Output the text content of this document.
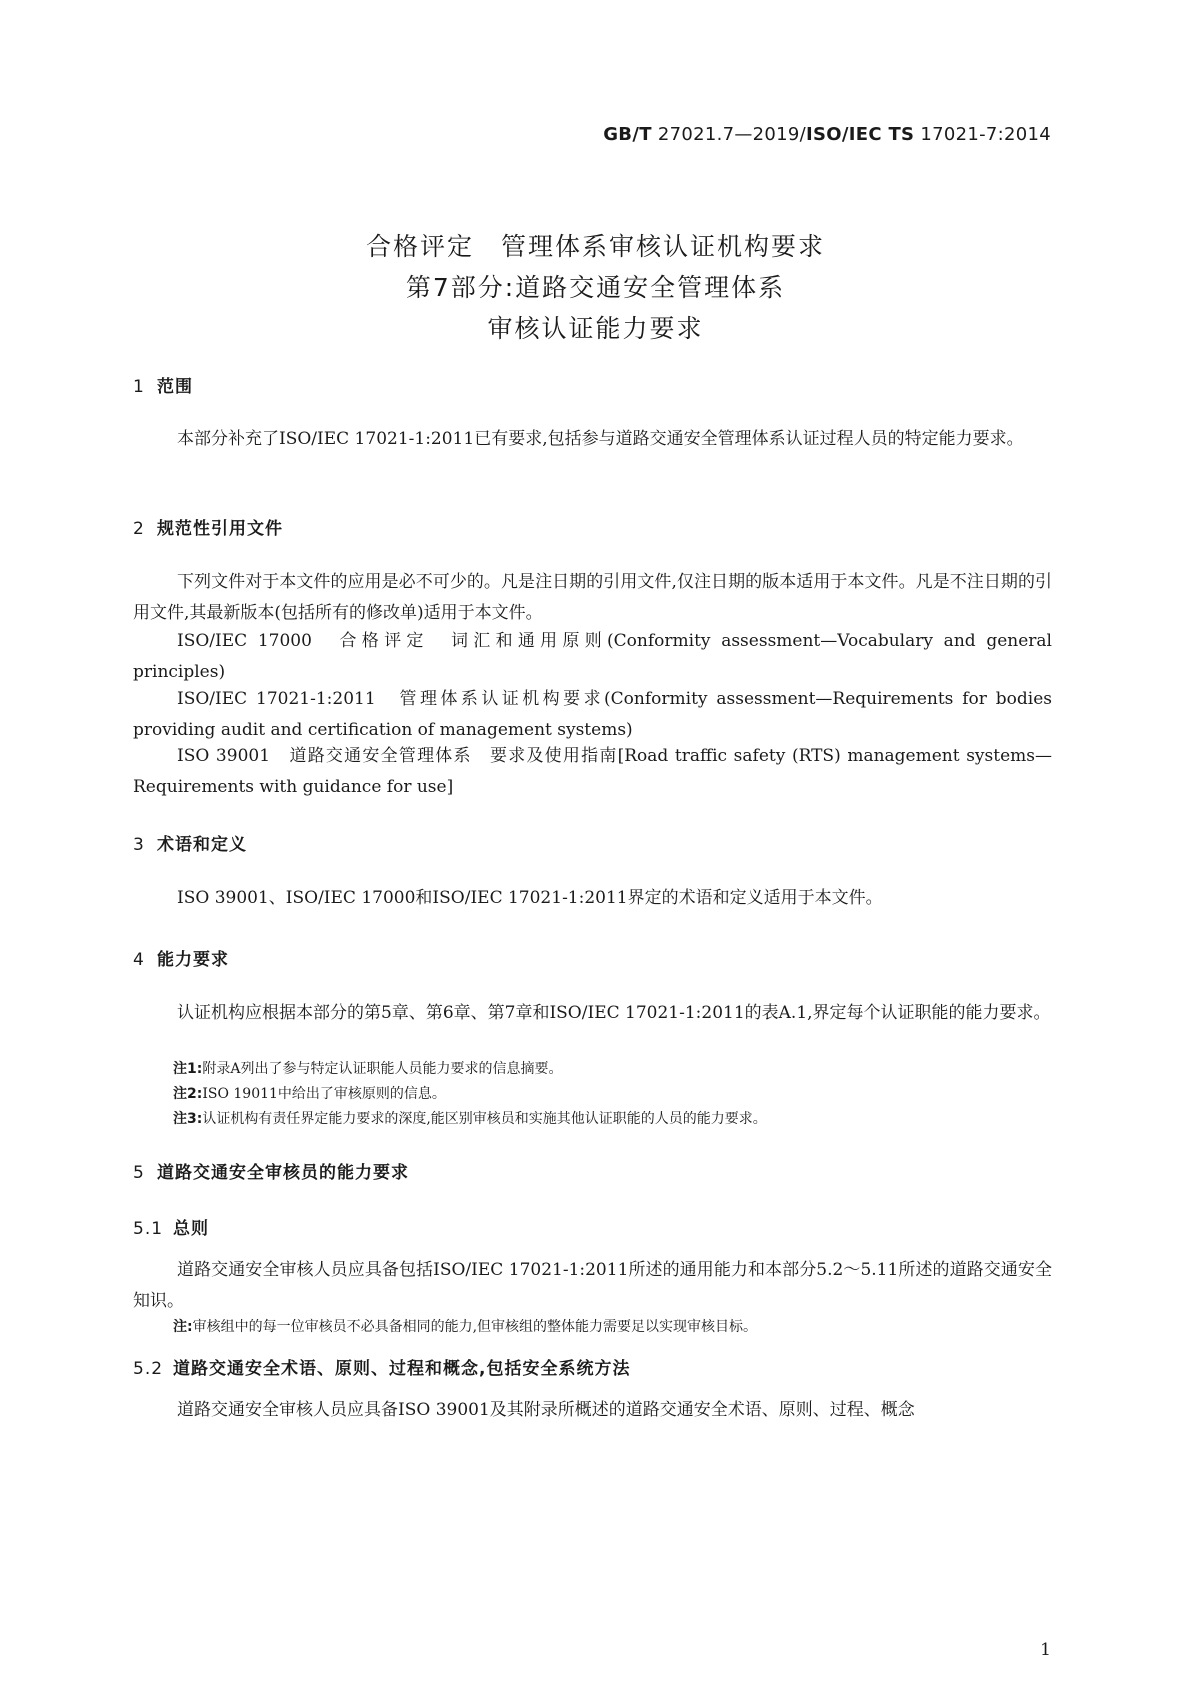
GB/T 27021.7—2019/ISO/IEC TS 17021-7:2014
合格评定　管理体系审核认证机构要求
第7部分:道路交通安全管理体系
审核认证能力要求
1 范围
本部分补充了ISO/IEC 17021-1:2011已有要求,包括参与道路交通安全管理体系认证过程人员的特定能力要求。
2 规范性引用文件
下列文件对于本文件的应用是必不可少的。凡是注日期的引用文件,仅注日期的版本适用于本文件。凡是不注日期的引用文件,其最新版本(包括所有的修改单)适用于本文件。
ISO/IEC 17000　合格评定　词汇和通用原则(Conformity assessment—Vocabulary and general principles)
ISO/IEC 17021-1:2011　管理体系认证机构要求(Conformity assessment—Requirements for bodies providing audit and certification of management systems)
ISO 39001　道路交通安全管理体系　要求及使用指南[Road traffic safety (RTS) management systems—Requirements with guidance for use]
3 术语和定义
ISO 39001、ISO/IEC 17000和ISO/IEC 17021-1:2011界定的术语和定义适用于本文件。
4 能力要求
认证机构应根据本部分的第5章、第6章、第7章和ISO/IEC 17021-1:2011的表A.1,界定每个认证职能的能力要求。
注1:附录A列出了参与特定认证职能人员能力要求的信息摘要。
注2:ISO 19011中给出了审核原则的信息。
注3:认证机构有责任界定能力要求的深度,能区别审核员和实施其他认证职能的人员的能力要求。
5 道路交通安全审核员的能力要求
5.1 总则
道路交通安全审核人员应具备包括ISO/IEC 17021-1:2011所述的通用能力和本部分5.2～5.11所述的道路交通安全知识。
注:审核组中的每一位审核员不必具备相同的能力,但审核组的整体能力需要足以实现审核目标。
5.2 道路交通安全术语、原则、过程和概念,包括安全系统方法
道路交通安全审核人员应具备ISO 39001及其附录所概述的道路交通安全术语、原则、过程、概念
1
